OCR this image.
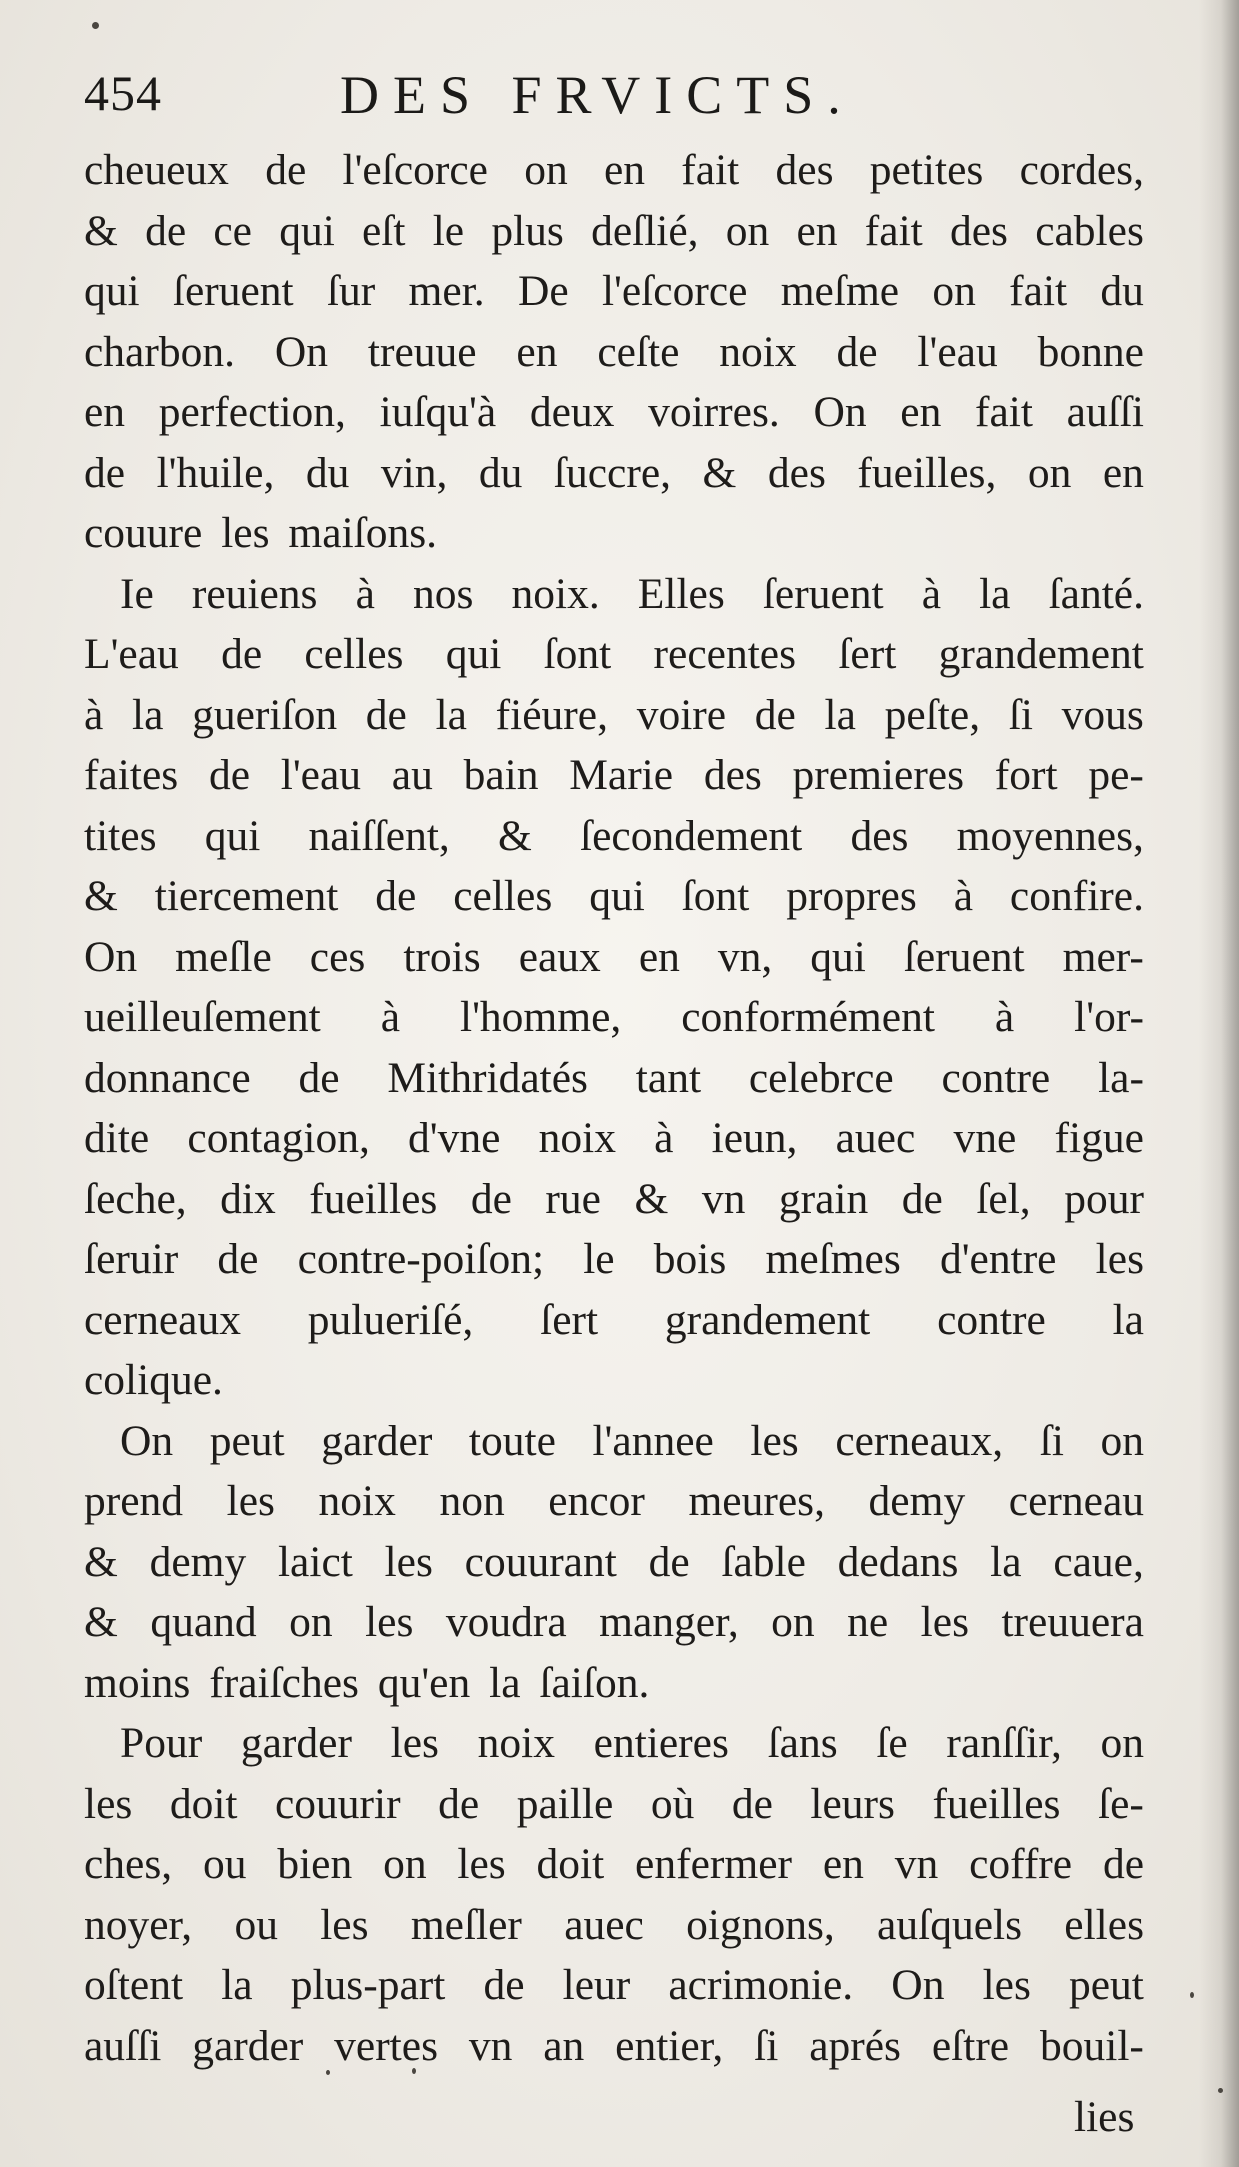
454	DES FRVICTS.
cheueux de l'eſcorce on en fait des petites cordes,
& de ce qui eſt le plus deſlié, on en fait des cables
qui ſeruent ſur mer. De l'eſcorce meſme on fait du
charbon. On treuue en ceſte noix de l'eau bonne
en perfection, iuſqu'à deux voirres. On en fait auſſi
de l'huile, du vin, du ſuccre, & des fueilles, on en
couure les maiſons.
Ie reuiens à nos noix. Elles ſeruent à la ſanté.
L'eau de celles qui ſont recentes ſert grandement
à la gueriſon de la fiéure, voire de la peſte, ſi vous
faites de l'eau au bain Marie des premieres fort pe-
tites qui naiſſent, & ſecondement des moyennes,
& tiercement de celles qui ſont propres à confire.
On meſle ces trois eaux en vn, qui ſeruent mer-
ueilleuſement à l'homme, conformément à l'or-
donnance de Mithridatés tant celebrce contre la-
dite contagion, d'vne noix à ieun, auec vne figue
ſeche, dix fueilles de rue & vn grain de ſel, pour
ſeruir de contre-poiſon; le bois meſmes d'entre les
cerneaux pulueriſé, ſert grandement contre la
colique.
On peut garder toute l'annee les cerneaux, ſi on
prend les noix non encor meures, demy cerneau
& demy laict les couurant de ſable dedans la caue,
& quand on les voudra manger, on ne les treuuera
moins fraiſches qu'en la ſaiſon.
Pour garder les noix entieres ſans ſe ranſſir, on
les doit couurir de paille où de leurs fueilles ſe-
ches, ou bien on les doit enfermer en vn coffre de
noyer, ou les meſler auec oignons, auſquels elles
oſtent la plus-part de leur acrimonie. On les peut
auſſi garder vertes vn an entier, ſi aprés eſtre bouil-
lies
